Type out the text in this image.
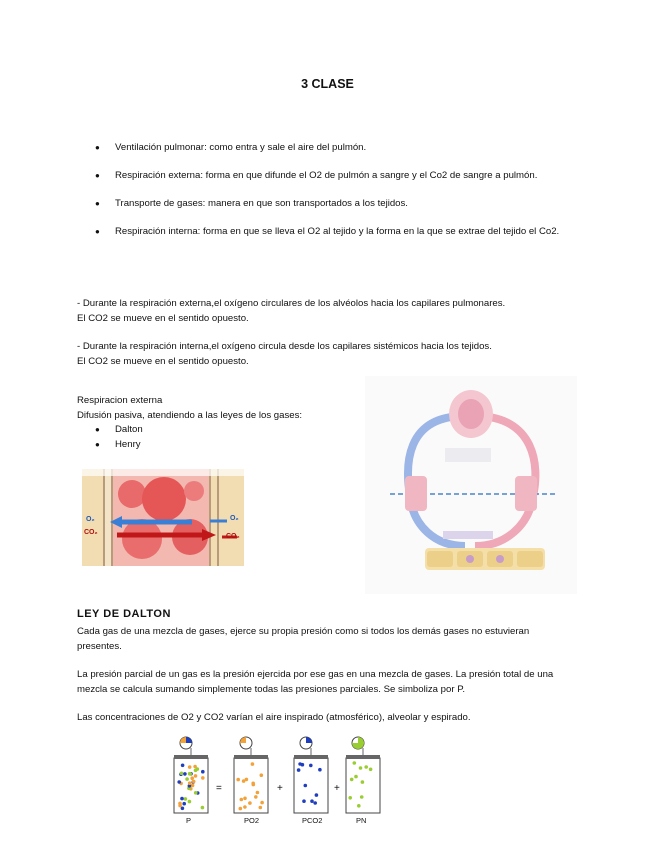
3 CLASE
● Ventilación pulmonar: como entra y sale el aire del pulmón.
● Respiración externa: forma en que difunde el O2 de pulmón a sangre y el Co2 de sangre a pulmón.
● Transporte de gases: manera en que son transportados a los tejidos.
● Respiración interna: forma en que se lleva el O2 al tejido y la forma en la que se extrae del tejido el Co2.
- Durante la respiración externa,el oxígeno circulares de los alvéolos hacia los capilares pulmonares.
El CO2 se mueve en el sentido opuesto.
- Durante la respiración interna,el oxígeno circula desde los capilares sistémicos hacia los tejidos.
El CO2 se mueve en el sentido opuesto.
Respiracion externa
Difusión pasiva, atendiendo a las leyes de los gases:
● Dalton
● Henry
O₂
CO₂
O₂
CO₂
LEY DE DALTON
Cada gas de una mezcla de gases, ejerce su propia presión como si todos los demás gases no estuvieran presentes.
La presión parcial de un gas es la presión ejercida por ese gas en una mezcla de gases. La presión total de una mezcla se calcula sumando simplemente todas las presiones parciales. Se simboliza por P.
Las concentraciones de O2 y CO2 varían el aire inspirado (atmosférico), alveolar y espirado.
=	+	+
P	PO2	PCO2	PN
